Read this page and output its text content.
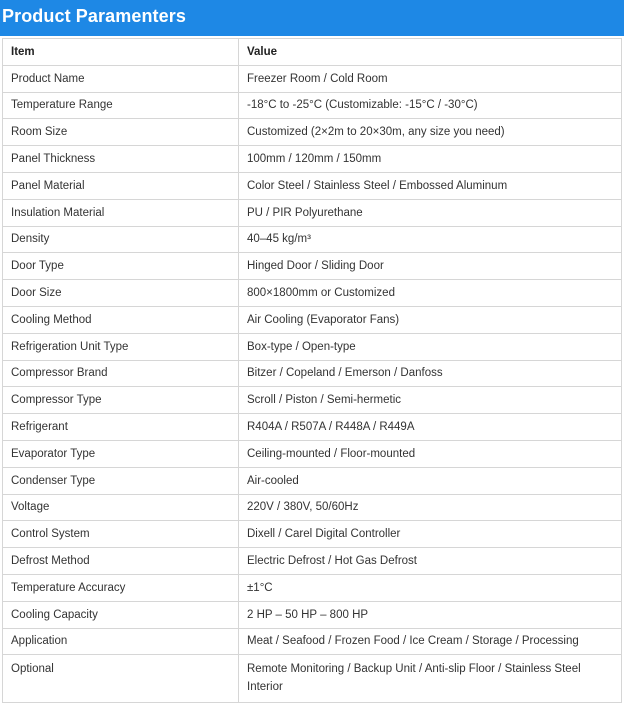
Product Paramenters
Item	Value
Product Name	Freezer Room / Cold Room
Temperature Range	-18°C to -25°C (Customizable: -15°C / -30°C)
Room Size	Customized (2×2m to 20×30m, any size you need)
Panel Thickness	100mm / 120mm / 150mm
Panel Material	Color Steel / Stainless Steel / Embossed Aluminum
Insulation Material	PU / PIR Polyurethane
Density	40–45 kg/m³
Door Type	Hinged Door / Sliding Door
Door Size	800×1800mm or Customized
Cooling Method	Air Cooling (Evaporator Fans)
Refrigeration Unit Type	Box-type / Open-type
Compressor Brand	Bitzer / Copeland / Emerson / Danfoss
Compressor Type	Scroll / Piston / Semi-hermetic
Refrigerant	R404A / R507A / R448A / R449A
Evaporator Type	Ceiling-mounted / Floor-mounted
Condenser Type	Air-cooled
Voltage	220V / 380V, 50/60Hz
Control System	Dixell / Carel Digital Controller
Defrost Method	Electric Defrost / Hot Gas Defrost
Temperature Accuracy	±1°C
Cooling Capacity	2 HP – 50 HP – 800 HP
Application	Meat / Seafood / Frozen Food / Ice Cream / Storage / Processing
Optional	Remote Monitoring / Backup Unit / Anti-slip Floor / Stainless Steel Interior
